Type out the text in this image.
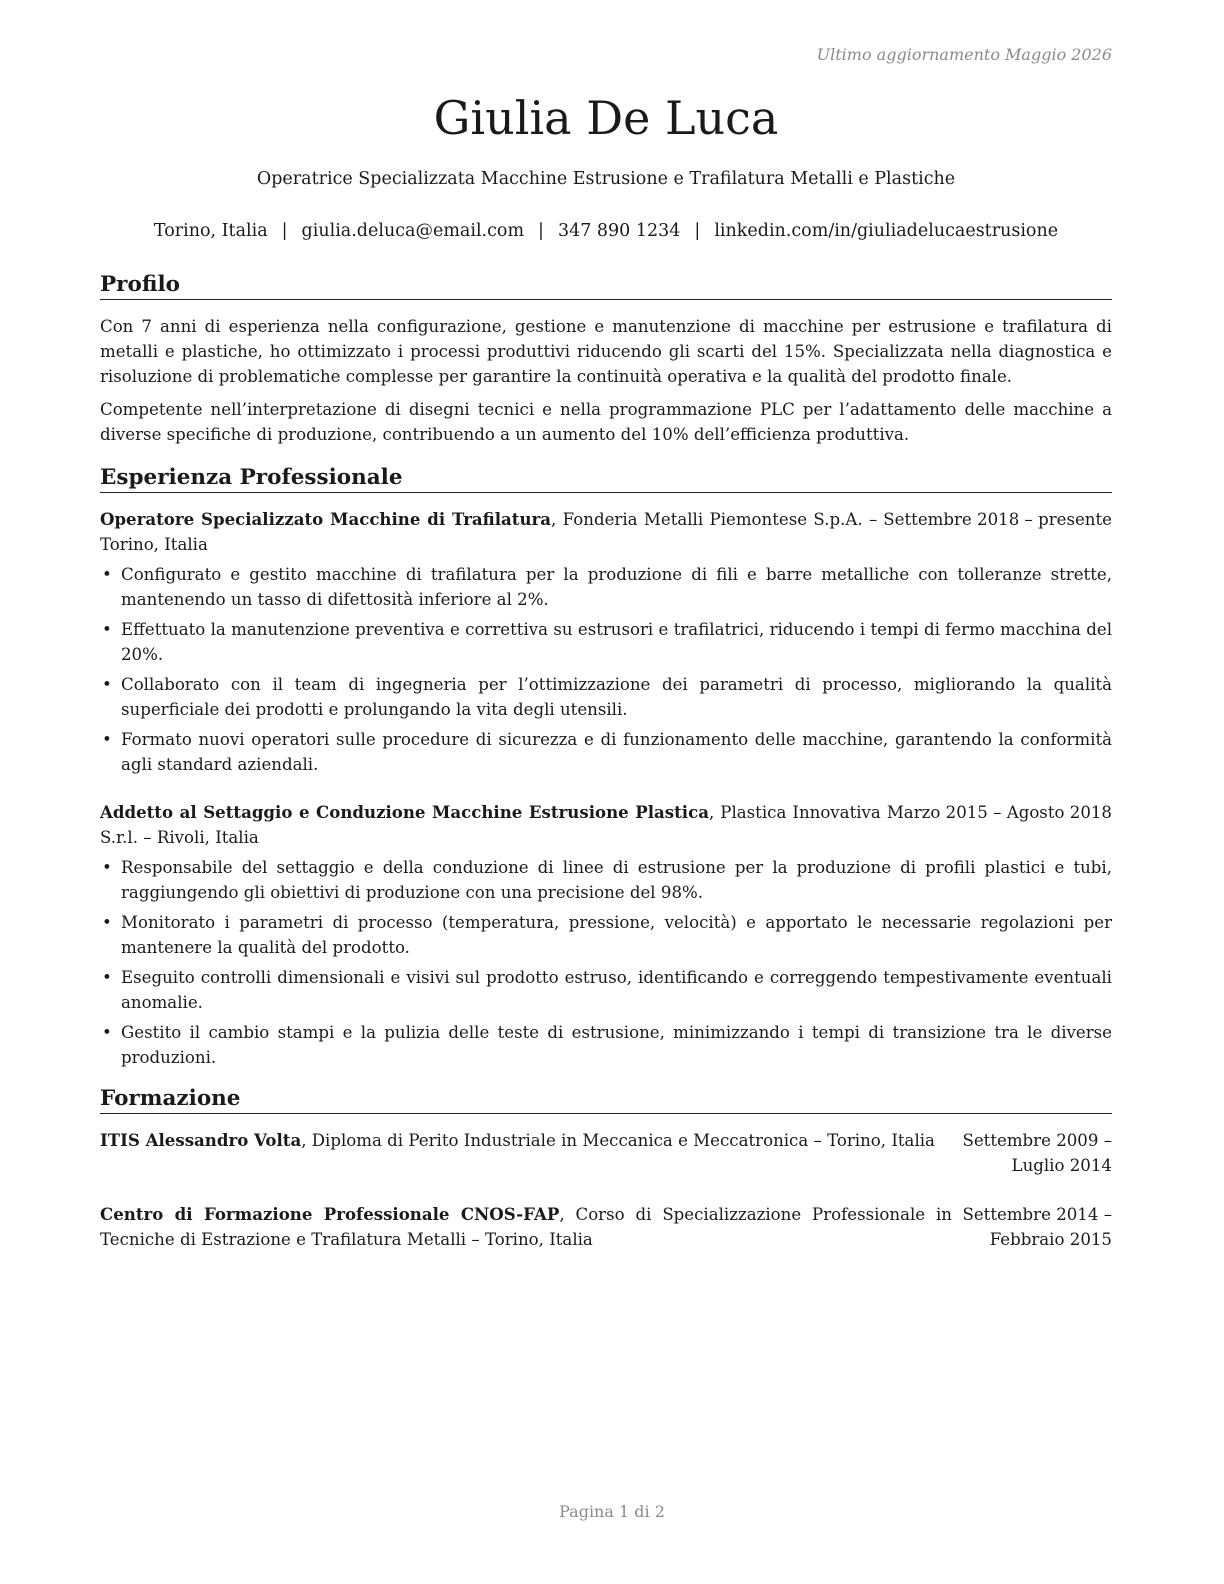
Ultimo aggiornamento Maggio 2026
Giulia De Luca
Operatrice Specializzata Macchine Estrusione e Trafilatura Metalli e Plastiche
Torino, Italia | giulia.deluca@email.com | 347 890 1234 | linkedin.com/in/giuliadelucaestrusione
Profilo

Con 7 anni di esperienza nella configurazione, gestione e manutenzione di macchine per estrusione e trafilatura di metalli e plastiche, ho ottimizzato i processi produttivi riducendo gli scarti del 15%. Specializzata nella diagnostica e risoluzione di problematiche complesse per garantire la continuità operativa e la qualità del prodotto finale.

Competente nell’interpretazione di disegni tecnici e nella programmazione PLC per l’adattamento delle macchine a diverse specifiche di produzione, contribuendo a un aumento del 10% dell’efficienza produttiva.

Esperienza Professionale
Operatore Specializzato Macchine di Trafilatura, Fonderia Metalli Piemontese S.p.A. – Torino, Italia
Settembre 2018 – presente
• Configurato e gestito macchine di trafilatura per la produzione di fili e barre metalliche con tolleranze strette, mantenendo un tasso di difettosità inferiore al 2%.
• Effettuato la manutenzione preventiva e correttiva su estrusori e trafilatrici, riducendo i tempi di fermo macchina del 20%.
• Collaborato con il team di ingegneria per l’ottimizzazione dei parametri di processo, migliorando la qualità superficiale dei prodotti e prolungando la vita degli utensili.
• Formato nuovi operatori sulle procedure di sicurezza e di funzionamento delle macchine, garantendo la conformità agli standard aziendali.
Addetto al Settaggio e Conduzione Macchine Estrusione Plastica, Plastica Innovativa S.r.l. – Rivoli, Italia
Marzo 2015 – Agosto 2018
• Responsabile del settaggio e della conduzione di linee di estrusione per la produzione di profili plastici e tubi, raggiungendo gli obiettivi di produzione con una precisione del 98%.
• Monitorato i parametri di processo (temperatura, pressione, velocità) e apportato le necessarie regolazioni per mantenere la qualità del prodotto.
• Eseguito controlli dimensionali e visivi sul prodotto estruso, identificando e correggendo tempestivamente eventuali anomalie.
• Gestito il cambio stampi e la pulizia delle teste di estrusione, minimizzando i tempi di transizione tra le diverse produzioni.
Formazione
ITIS Alessandro Volta, Diploma di Perito Industriale in Meccanica e Meccatronica – Torino, Italia	Settembre 2009 – Luglio 2014
Centro di Formazione Professionale CNOS-FAP, Corso di Specializzazione Professionale in Tecniche di Estrazione e Trafilatura Metalli – Torino, Italia
Settembre 2014 – Febbraio 2015
Pagina 1 di 2
